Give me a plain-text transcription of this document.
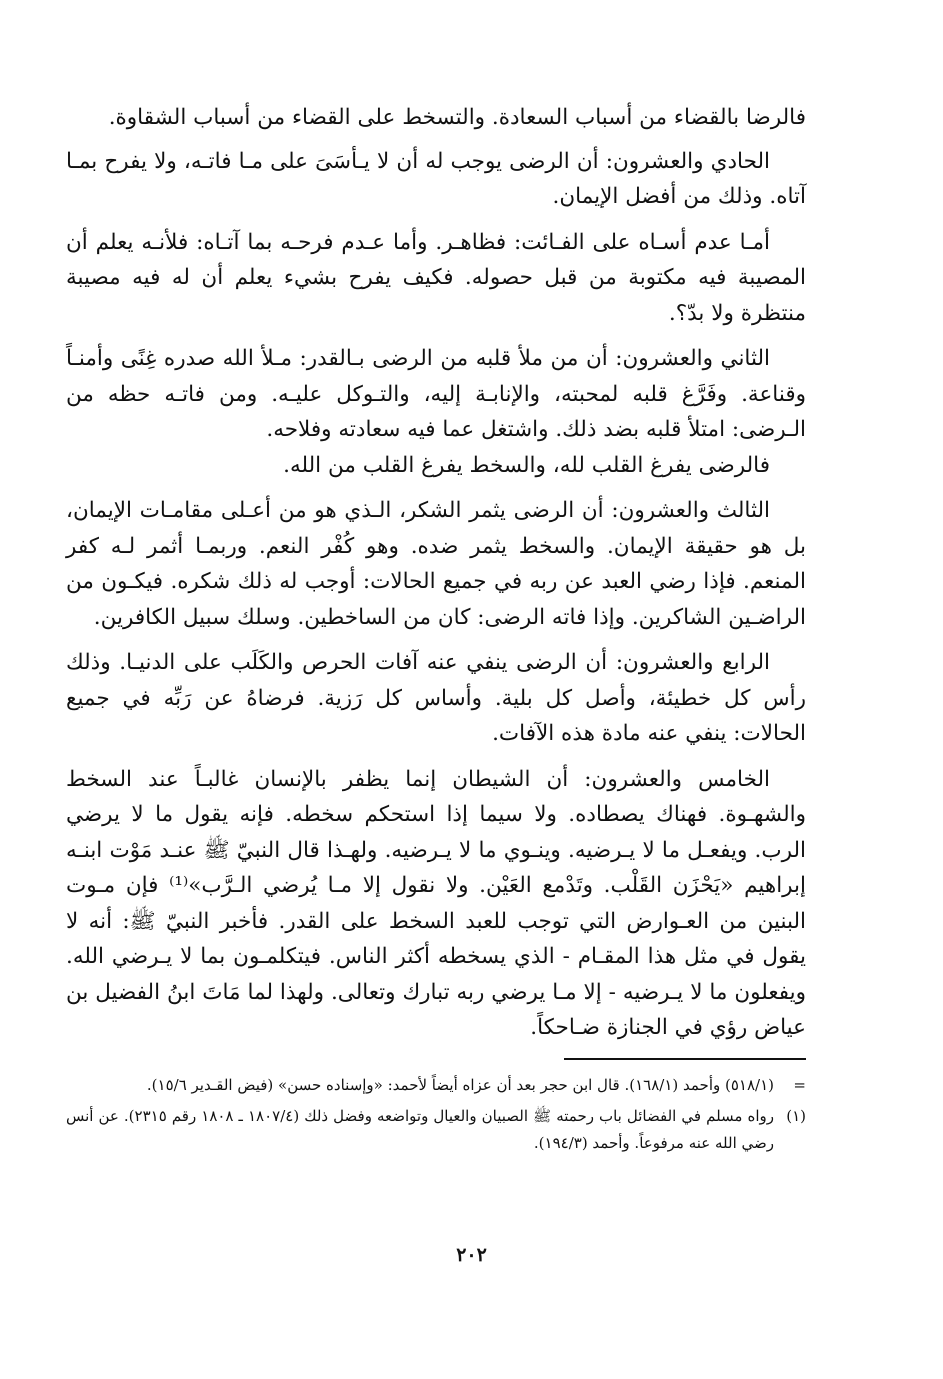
فالرضا بالقضاء من أسباب السعادة. والتسخط على القضاء من أسباب الشقاوة.

الحادي والعشرون: أن الرضى يوجب له أن لا يـأسَىَ على مـا فاتـه، ولا يفرح بمـا آتاه. وذلك من أفضل الإيمان.

أمـا عدم أسـاه على الفـائت: فظاهـر. وأما عـدم فرحـه بما آتـاه: فلأنـه يعلم أن المصيبة فيه مكتوبة من قبل حصوله. فكيف يفرح بشيء يعلم أن له فيه مصيبة منتظرة ولا بدّ؟.

الثاني والعشرون: أن من ملأ قلبه من الرضى بـالقدر: مـلأ الله صدره غِنًى وأمنـاً وقناعة. وفَرَّغ قلبه لمحبته، والإنابـة إليه، والتـوكل عليـه. ومن فاتـه حظه من الـرضى: امتلأ قلبه بضد ذلك. واشتغل عما فيه سعادته وفلاحه.
فالرضى يفرغ القلب لله، والسخط يفرغ القلب من الله.

الثالث والعشرون: أن الرضى يثمر الشكر، الـذي هو من أعـلى مقامـات الإيمان، بل هو حقيقة الإيمان. والسخط يثمر ضده. وهو كُفْر النعم. وربمـا أثمر لـه كفر المنعم. فإذا رضي العبد عن ربه في جميع الحالات: أوجب له ذلك شكره. فيكـون من الراضـين الشاكرين. وإذا فاته الرضى: كان من الساخطين. وسلك سبيل الكافرين.

الرابع والعشرون: أن الرضى ينفي عنه آفات الحرص والكَلَب على الدنيـا. وذلك رأس كل خطيئة، وأصل كل بلية. وأساس كل رَزية. فرضاهُ عن رَبِّه في جميع الحالات: ينفي عنه مادة هذه الآفات.

الخامس والعشرون: أن الشيطان إنما يظفر بالإنسان غالبـاً عند السخط والشهـوة. فهناك يصطاده. ولا سيما إذا استحكم سخطه. فإنه يقول ما لا يرضي الرب. ويفعـل ما لا يـرضيه. وينـوي ما لا يـرضيه. ولهـذا قال النبيّ ﷺ عنـد مَوْت ابنـه إبراهيم «يَحْزَن القَلْب. وتَدْمع العَيْن. ولا نقول إلا مـا يُرضي الـرَّب»⁽¹⁾ فإن مـوت البنين من العـوارض التي توجب للعبد السخط على القدر. فأخبر النبيّ ﷺ: أنه لا يقول في مثل هذا المقـام - الذي يسخطه أكثر الناس. فيتكلمـون بما لا يـرضي الله. ويفعلون ما لا يـرضيه - إلا مـا يرضي ربه تبارك وتعالى. ولهذا لما مَاتَ ابنُ الفضيل بن عياض رؤي في الجنازة ضـاحكاً.

=
(٥١٨/١) وأحمد (١٦٨/١). قال ابن حجر بعد أن عزاه أيضاً لأحمد: «وإسناده حسن» (فيض القـدير ١٥/٦).

(١)
رواه مسلم في الفضائل باب رحمته ﷺ الصبيان والعيال وتواضعه وفضل ذلك (١٨٠٧/٤ ـ ١٨٠٨ رقم ٢٣١٥). عن أنس رضي الله عنه مرفوعاً. وأحمد (١٩٤/٣).

٢٠٢
